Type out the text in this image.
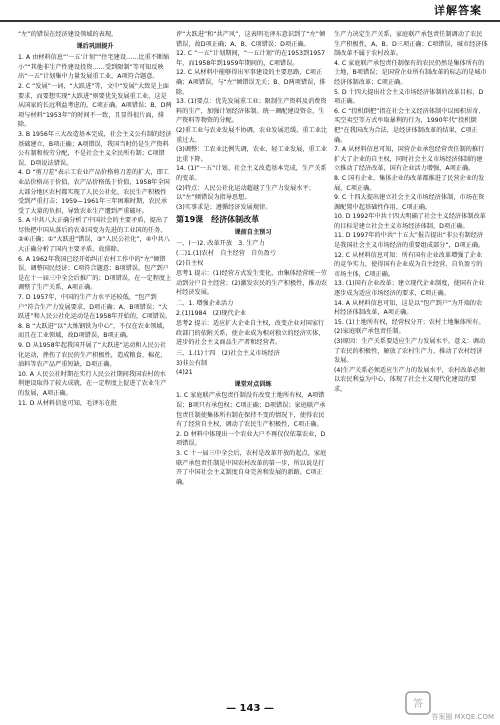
详解答案

“左”的错误在经济建设领域的表现。

课后巩固提升

1. A 由材料信息“‘一五’计划”“住宅建设……比重不断缩小”“其他非生产性建设投资……受到限制”等可知反映出“一五”计划集中力量发展重工业，A项符合题意。

2. C “发展”一词，“大跃进”等，文中“发展”大致是上面要求，而要想实现“大跃进”则要优先发展重工业，这是从国家的长远利益考虑的，C项正确。A项错误；B、D两项与材料“1953年”的时间不一致，且显得很片面，排除。

3. B 1956年三大改造基本完成，社会主义公有制的经济基础建立，B项正确；A项错误，我国当时仍是生产资料公有制和按劳分配，不是社会主义全民所有制；C项错误，D项说法错误。

4. D “剪刀差”表示工农业产品价格剪刀差的扩大，即工业品价格高于价值，农产品价格低于价值，1958年全国大部分地区农村都实现了人民公社化，农民生产积极性受到严重打击；1959—1961年三年困难时期，农民承受了大量的负担，导致农业生产遭到严重破坏。

5. A 中共八大正确分析了中国社会的主要矛盾，提出了尽快把中国从落后的农业国变为先进的工业国的任务，②④正确；①“大跃进”错误，③“人民公社化”，④中共八大正确分析了国内主要矛盾，故排除。

6. A 1962年我国已经开始纠正农村工作中的“左”倾错误，调整国民经济；C项符合题意；B项错误，包产到户是在十一届三中全会后推广的；D项错误，在一定程度上调整了生产关系，A项正确。

7. D 1957年，中国的生产力水平还较低，“包产到户”符合生产力发展要求，D项正确；A、B项错误；“大跃进”和人民公社化运动是在1958年开始的，C项错误。

8. B “大跃进”以“大炼钢铁为中心”，不仅在农业领域，而且在工业领域，故D项错误。B项正确。

9. D 从1958年起我国开展了“大跃进”运动和人民公社化运动，挫伤了农民的生产积极性，造成粮食、棉花、油料等农产品严重短缺，D项正确。

10. A 人民公社时期在实行人民公社期间我国农村的水利建设取得了较大成就，在一定程度上促进了农业生产的发展，A项正确。

11. D 从材料信息可知，毛泽东在批

评“大跃进”和“共产风”，这表明毛泽东意识到了“左”倾错误，故D项正确；A、B、C项错误；D项正确。

12. C “一五”计划期间，“一五计划”的在1953到1957年，而1958年到1959年期间的，C项错误。

12. C 从材料中能够得出军事建设的主要思路，C项正确；A项错误，与“左”倾错误无关；B、D两项错误，排除。

13. (1)要点：优先发展重工业；限制生产资料及消费资料的生产，加强计划经济体制。统一调配建设资金，生产资料等物资的分配。

(2)重工业与农业发展不协调，农业发展迟缓，重工业比重过大。

(3)调整：工农业比例失调，农业、轻工业发展，重工业比重下降。

14. (1)“一五”计划、社会主义改造基本完成，生产关系的变革。

(2)特点：人民公社化运动超越了生产力发展水平；以“左”倾错误为指导思想。

(3)实事求是；遵循经济发展规律。

第19课　经济体制改革

课前自主预习

一、(一)2. 改革开放　3. 生产力

(二)1.(1)农村　自主经营　自负盈亏

(2)自主权

思考1 提示：(1)经营方式发生变化，由集体经营统一劳动到分户自主经营；(2)激发农民的生产积极性，推动农村经济发展。

二、1. 增强企业活力

2.(1)1984　(2)现代企业

思考2 提示：适应扩大企业自主权，改变企业对国家行政部门的依附关系，使企业成为相对独立的经济实体，进步的社会主义商品生产者和经营者。

三、1.(1)十四　(2)社会主义市场经济

3)非公有制

(4)21

课堂对点训练

1. C 家庭联产承包责任制没有改变土地所有权，A项错误；B项只有承包权；C项正确；D项错误；家庭联产承包责任制使集体所有制在保持不变的情况下，使得农民有了经营自主权，调动了农民生产积极性，C项正确。

2. D 材料中体现出一个农业大户不再仅仅依靠农业，D项错误。

3. C 十一届三中全会后，农村是改革开放的起点，家庭联产承包责任制是中国农村改革的第一步，所以说是打开了中国社会主义制度自身完善和发展的新路，C项正确。

生产力决定生产关系，家庭联产承包责任制调动了农民生产积极性，A、B、D三项正确；C项错误，城市经济体制改革不属于农村改革。

4. C 家庭联产承包责任制保有的农民仍然是集体所有的土地，B项错误；是国营企业所有制改革的标志的是城市经济体制改革；C项正确。

5. D 十四大提出社会主义市场经济体制的改革目标，D项正确。

6. C “投机倒把”指在社会主义经济体制中以囤积居奇、买空卖空等方式牟取暴利的行为，1990年代“投机倒把”在我国改为合法，是经济体制改革的结果，C项正确。

7. A 从材料信息可知，国营企业承包经营责任制的推行扩大了企业的自主权，同时社会主义市场经济体制的建立推动了经济改革，国有企业活力增强，A项正确。

8. C 国有企业、集体企业的改革都推进了民营企业的发展，C项正确。

9. C 十四大提出建立社会主义市场经济体制，市场在资源配置中起基础性作用，C项正确。

10. D 1992年中共十四大明确了社会主义经济体制改革的目标是建立社会主义市场经济体制，D项正确。

11. D 1997年的中共“十五大”报告提出“非公有制经济是我国社会主义市场经济的重要组成部分”，D项正确。

12. C 从材料信息可知：所有国有企业改革增强了企业的竞争实力，使得国有企业成为自主经营、自负盈亏的市场主体，C项正确。

13. (1)国有企业改革；建立现代企业制度，使国有企业逐步成为适应市场经济的要求，C项正确。

14. A 从材料信息可知，这是以“包产到户”为开端的农村经济体制改革，A项正确。

15. (1)土地所有权，经营权分开；农村土地集体所有。

(2)家庭联产承包责任制。

(3)原因：生产关系要适应生产力发展水平。意义：调动了农民的积极性，解放了农村生产力，推动了农村经济发展。

(4)生产关系必须适应生产力的发展水平，农村改革必须以农民利益为中心，体现了社会主义现代化建设的要求。

— 143 —	答
答案圈 MXQE.COM
